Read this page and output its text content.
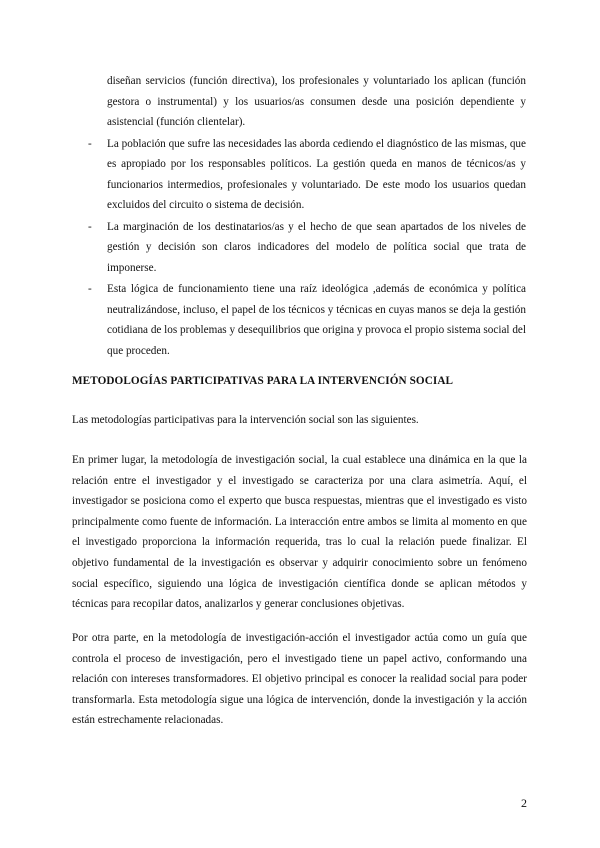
diseñan servicios (función directiva), los profesionales y voluntariado los aplican (función gestora o instrumental) y los usuarios/as consumen desde una posición dependiente y asistencial (función clientelar).
- La población que sufre las necesidades las aborda cediendo el diagnóstico de las mismas, que es apropiado por los responsables políticos. La gestión queda en manos de técnicos/as y funcionarios intermedios, profesionales y voluntariado. De este modo los usuarios quedan excluidos del circuito o sistema de decisión.
- La marginación de los destinatarios/as y el hecho de que sean apartados de los niveles de gestión y decisión son claros indicadores del modelo de política social que trata de imponerse.
- Esta lógica de funcionamiento tiene una raíz ideológica ,además de económica y política neutralizándose, incluso, el papel de los técnicos y técnicas en cuyas manos se deja la gestión cotidiana de los problemas y desequilibrios que origina y provoca el propio sistema social del que proceden.
METODOLOGÍAS PARTICIPATIVAS PARA LA INTERVENCIÓN SOCIAL

Las metodologías participativas para la intervención social son las siguientes.

En primer lugar, la metodología de investigación social, la cual establece una dinámica en la que la relación entre el investigador y el investigado se caracteriza por una clara asimetría. Aquí, el investigador se posiciona como el experto que busca respuestas, mientras que el investigado es visto principalmente como fuente de información. La interacción entre ambos se limita al momento en que el investigado proporciona la información requerida, tras lo cual la relación puede finalizar. El objetivo fundamental de la investigación es observar y adquirir conocimiento sobre un fenómeno social específico, siguiendo una lógica de investigación científica donde se aplican métodos y técnicas para recopilar datos, analizarlos y generar conclusiones objetivas.

Por otra parte, en la metodología de investigación-acción el investigador actúa como un guía que controla el proceso de investigación, pero el investigado tiene un papel activo, conformando una relación con intereses transformadores. El objetivo principal es conocer la realidad social para poder transformarla. Esta metodología sigue una lógica de intervención, donde la investigación y la acción están estrechamente relacionadas.

2
